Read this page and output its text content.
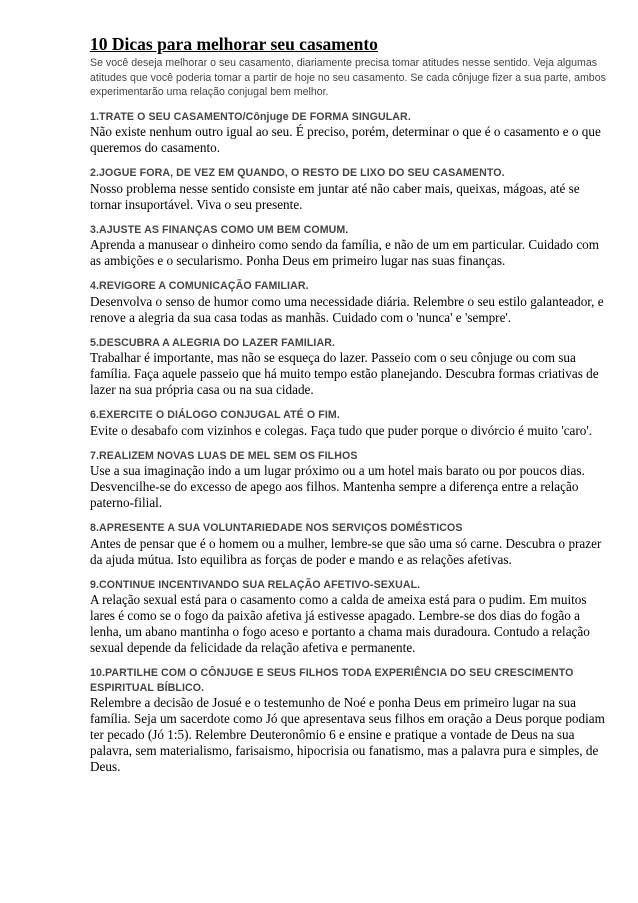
10 Dicas para melhorar seu casamento

Se você deseja melhorar o seu casamento, diariamente precisa tomar atitudes nesse sentido. Veja algumas atitudes que você poderia tomar a partir de hoje no seu casamento. Se cada cônjuge fizer a sua parte, ambos experimentarão uma relação conjugal bem melhor.

1.TRATE O SEU CASAMENTO/Cônjuge DE FORMA SINGULAR.

Não existe nenhum outro igual ao seu. É preciso, porém, determinar o que é o casamento e o que queremos do casamento.

2.JOGUE FORA, DE VEZ EM QUANDO, O RESTO DE LIXO DO SEU CASAMENTO.

Nosso problema nesse sentido consiste em juntar até não caber mais, queixas, mágoas, até se tornar insuportável. Viva o seu presente.

3.AJUSTE AS FINANÇAS COMO UM BEM COMUM.

Aprenda a manusear o dinheiro como sendo da família, e não de um em particular. Cuidado com as ambições e o secularismo. Ponha Deus em primeiro lugar nas suas finanças.

4.REVIGORE A COMUNICAÇÃO FAMILIAR.

Desenvolva o senso de humor como uma necessidade diária. Relembre o seu estilo galanteador, e renove a alegria da sua casa todas as manhãs. Cuidado com o 'nunca' e 'sempre'.

5.DESCUBRA A ALEGRIA DO LAZER FAMILIAR.

Trabalhar é importante, mas não se esqueça do lazer. Passeio com o seu cônjuge ou com sua família. Faça aquele passeio que há muito tempo estão planejando. Descubra formas criativas de lazer na sua própria casa ou na sua cidade.

6.EXERCITE O DIÁLOGO CONJUGAL ATÉ O FIM.

Evite o desabafo com vizinhos e colegas. Faça tudo que puder porque o divórcio é muito 'caro'.

7.REALIZEM NOVAS LUAS DE MEL SEM OS FILHOS

Use a sua imaginação indo a um lugar próximo ou a um hotel mais barato ou por poucos dias. Desvencilhe-se do excesso de apego aos filhos. Mantenha sempre a diferença entre a relação paterno-filial.

8.APRESENTE A SUA VOLUNTARIEDADE NOS SERVIÇOS DOMÉSTICOS

Antes de pensar que é o homem ou a mulher, lembre-se que são uma só carne. Descubra o prazer da ajuda mútua. Isto equilibra as forças de poder e mando e as relações afetivas.

9.CONTINUE INCENTIVANDO SUA RELAÇÃO AFETIVO-SEXUAL.

A relação sexual está para o casamento como a calda de ameixa está para o pudim. Em muitos lares é como se o fogo da paixão afetiva já estivesse apagado. Lembre-se dos dias do fogão a lenha, um abano mantinha o fogo aceso e portanto a chama mais duradoura. Contudo a relação sexual depende da felicidade da relação afetiva e permanente.

10.PARTILHE COM O CÔNJUGE E SEUS FILHOS TODA EXPERIÊNCIA DO SEU CRESCIMENTO ESPIRITUAL BÍBLICO.

Relembre a decisão de Josué e o testemunho de Noé e ponha Deus em primeiro lugar na sua família. Seja um sacerdote como Jó que apresentava seus filhos em oração a Deus porque podiam ter pecado (Jó 1:5). Relembre Deuteronômio 6 e ensine e pratique a vontade de Deus na sua palavra, sem materialismo, farisaismo, hipocrisia ou fanatismo, mas a palavra pura e simples, de Deus.
